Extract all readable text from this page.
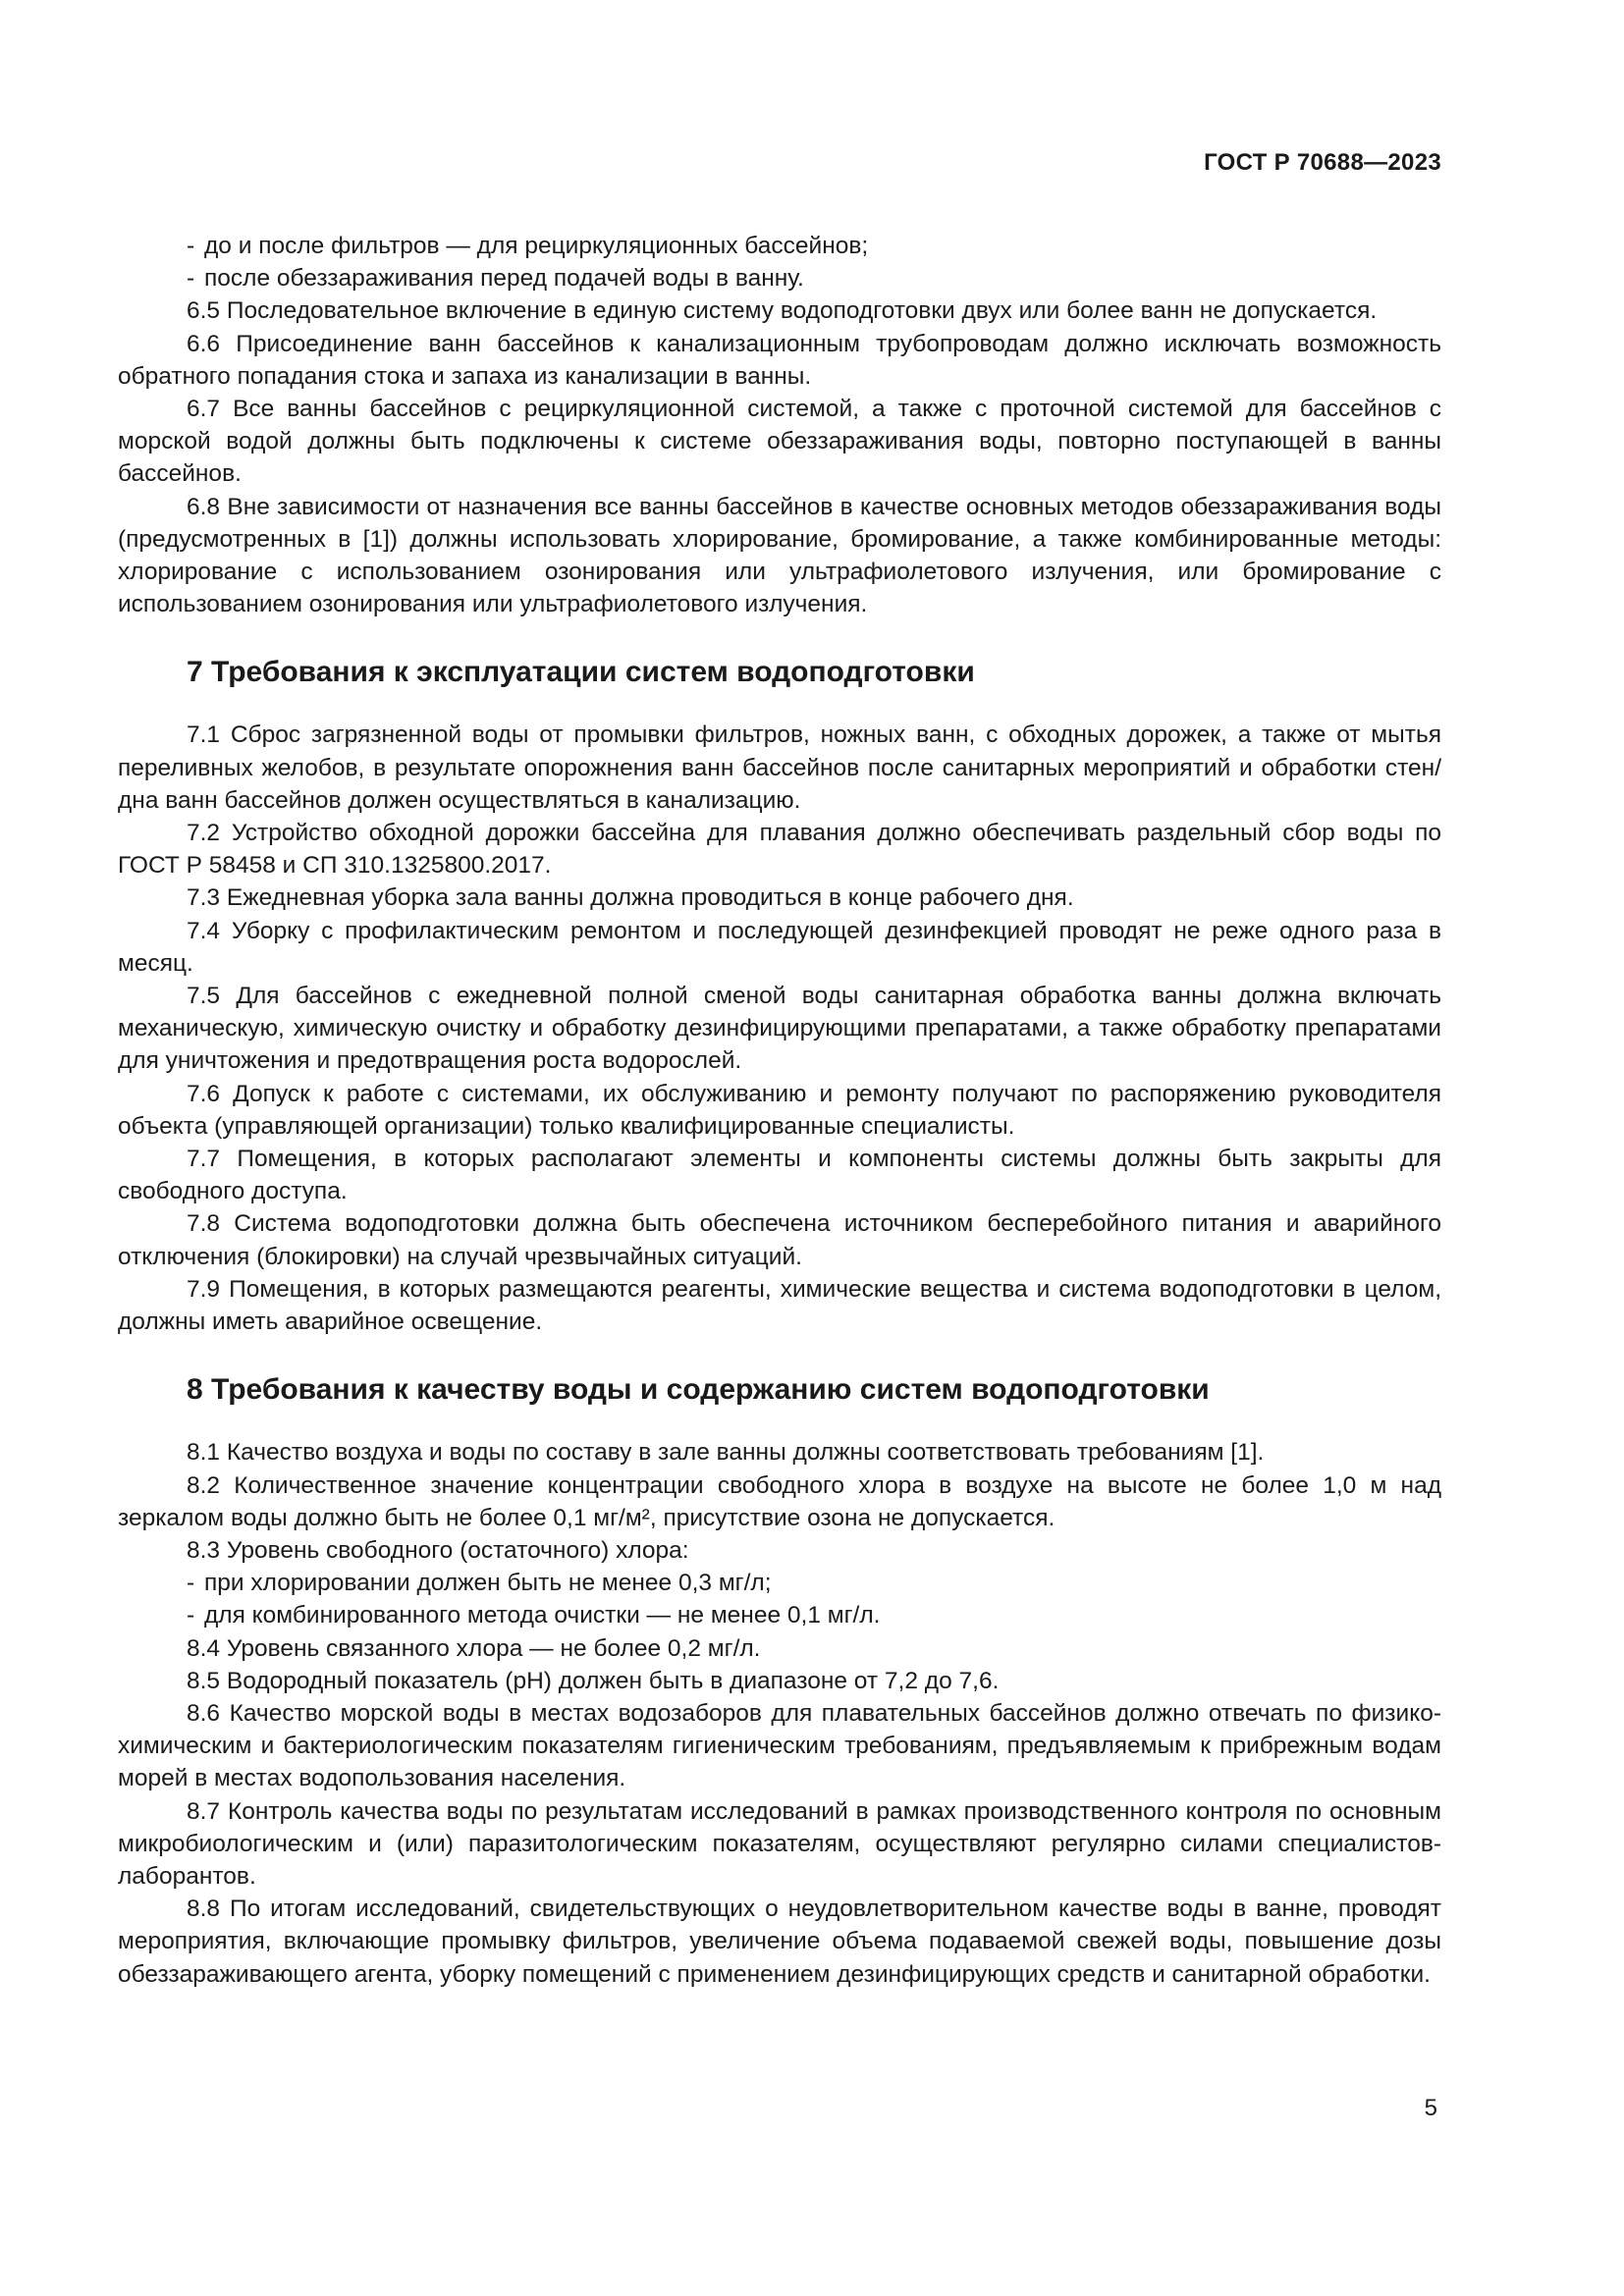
ГОСТ Р 70688—2023

- до и после фильтров — для рециркуляционных бассейнов;

- после обеззараживания перед подачей воды в ванну.

6.5 Последовательное включение в единую систему водоподготовки двух или более ванн не допускается.

6.6 Присоединение ванн бассейнов к канализационным трубопроводам должно исключать возможность обратного попадания стока и запаха из канализации в ванны.

6.7 Все ванны бассейнов с рециркуляционной системой, а также с проточной системой для бассейнов с морской водой должны быть подключены к системе обеззараживания воды, повторно поступающей в ванны бассейнов.

6.8 Вне зависимости от назначения все ванны бассейнов в качестве основных методов обеззараживания воды (предусмотренных в [1]) должны использовать хлорирование, бромирование, а также комбинированные методы: хлорирование с использованием озонирования или ультрафиолетового излучения, или бромирование с использованием озонирования или ультрафиолетового излучения.

7 Требования к эксплуатации систем водоподготовки

7.1 Сброс загрязненной воды от промывки фильтров, ножных ванн, с обходных дорожек, а также от мытья переливных желобов, в результате опорожнения ванн бассейнов после санитарных мероприятий и обработки стен/дна ванн бассейнов должен осуществляться в канализацию.

7.2 Устройство обходной дорожки бассейна для плавания должно обеспечивать раздельный сбор воды по ГОСТ Р 58458 и СП 310.1325800.2017.

7.3 Ежедневная уборка зала ванны должна проводиться в конце рабочего дня.

7.4 Уборку с профилактическим ремонтом и последующей дезинфекцией проводят не реже одного раза в месяц.

7.5 Для бассейнов с ежедневной полной сменой воды санитарная обработка ванны должна включать механическую, химическую очистку и обработку дезинфицирующими препаратами, а также обработку препаратами для уничтожения и предотвращения роста водорослей.

7.6 Допуск к работе с системами, их обслуживанию и ремонту получают по распоряжению руководителя объекта (управляющей организации) только квалифицированные специалисты.

7.7 Помещения, в которых располагают элементы и компоненты системы должны быть закрыты для свободного доступа.

7.8 Система водоподготовки должна быть обеспечена источником бесперебойного питания и аварийного отключения (блокировки) на случай чрезвычайных ситуаций.

7.9 Помещения, в которых размещаются реагенты, химические вещества и система водоподготовки в целом, должны иметь аварийное освещение.

8 Требования к качеству воды и содержанию систем водоподготовки

8.1 Качество воздуха и воды по составу в зале ванны должны соответствовать требованиям [1].

8.2 Количественное значение концентрации свободного хлора в воздухе на высоте не более 1,0 м над зеркалом воды должно быть не более 0,1 мг/м², присутствие озона не допускается.

8.3 Уровень свободного (остаточного) хлора:

- при хлорировании должен быть не менее 0,3 мг/л;

- для комбинированного метода очистки — не менее 0,1 мг/л.

8.4 Уровень связанного хлора — не более 0,2 мг/л.

8.5 Водородный показатель (pH) должен быть в диапазоне от 7,2 до 7,6.

8.6 Качество морской воды в местах водозаборов для плавательных бассейнов должно отвечать по физико-химическим и бактериологическим показателям гигиеническим требованиям, предъявляемым к прибрежным водам морей в местах водопользования населения.

8.7 Контроль качества воды по результатам исследований в рамках производственного контроля по основным микробиологическим и (или) паразитологическим показателям, осуществляют регулярно силами специалистов-лаборантов.

8.8 По итогам исследований, свидетельствующих о неудовлетворительном качестве воды в ванне, проводят мероприятия, включающие промывку фильтров, увеличение объема подаваемой свежей воды, повышение дозы обеззараживающего агента, уборку помещений с применением дезинфицирующих средств и санитарной обработки.

5
